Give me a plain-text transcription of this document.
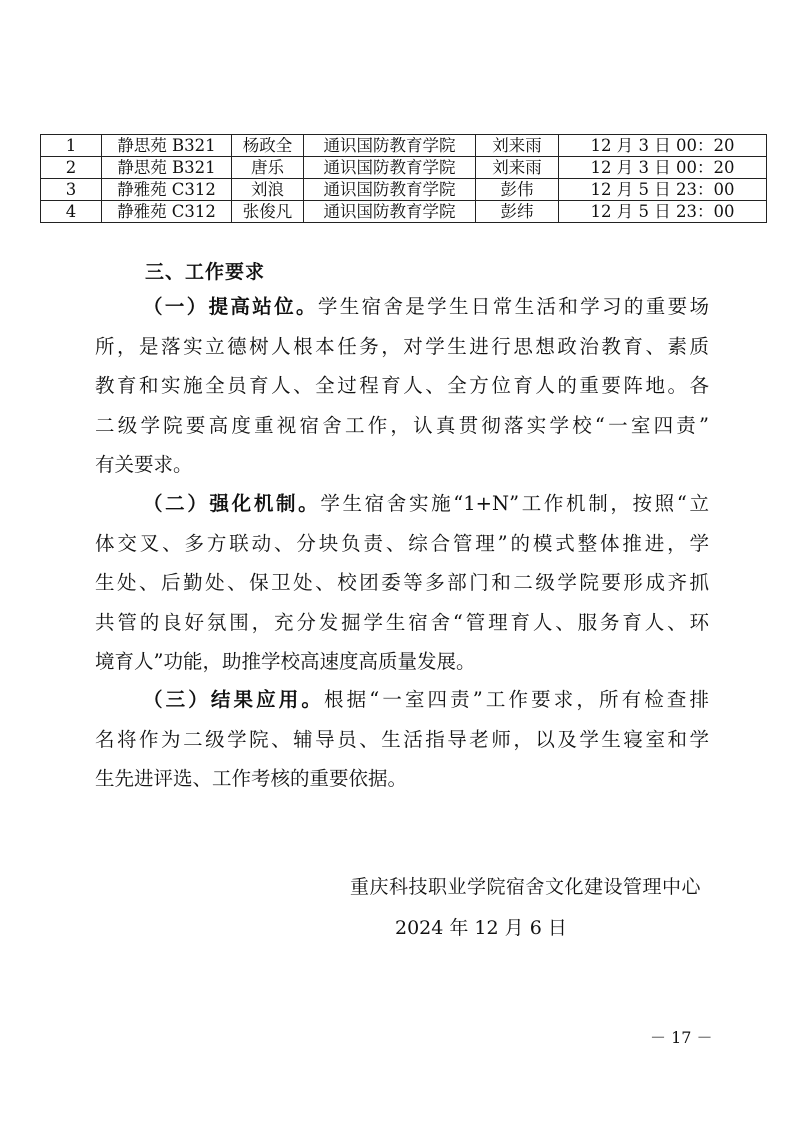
1	静思苑 B321	杨政全	通识国防教育学院	刘来雨	12 月 3 日 00：20
2	静思苑 B321	唐乐	通识国防教育学院	刘来雨	12 月 3 日 00：20
3	静雅苑 C312	刘浪	通识国防教育学院	彭伟	12 月 5 日 23：00
4	静雅苑 C312	张俊凡	通识国防教育学院	彭纬	12 月 5 日 23：00
三、工作要求
（一）提高站位。学生宿舍是学生日常生活和学习的重要场
所，是落实立德树人根本任务，对学生进行思想政治教育、素质
教育和实施全员育人、全过程育人、全方位育人的重要阵地。各
二级学院要高度重视宿舍工作，认真贯彻落实学校“一室四责”
有关要求。
（二）强化机制。学生宿舍实施“1+N”工作机制，按照“立
体交叉、多方联动、分块负责、综合管理”的模式整体推进，学
生处、后勤处、保卫处、校团委等多部门和二级学院要形成齐抓
共管的良好氛围，充分发掘学生宿舍“管理育人、服务育人、环
境育人”功能，助推学校高速度高质量发展。
（三）结果应用。根据“一室四责”工作要求，所有检查排
名将作为二级学院、辅导员、生活指导老师，以及学生寝室和学
生先进评选、工作考核的重要依据。
重庆科技职业学院宿舍文化建设管理中心
2024 年 12 月 6 日
－ 17 －
